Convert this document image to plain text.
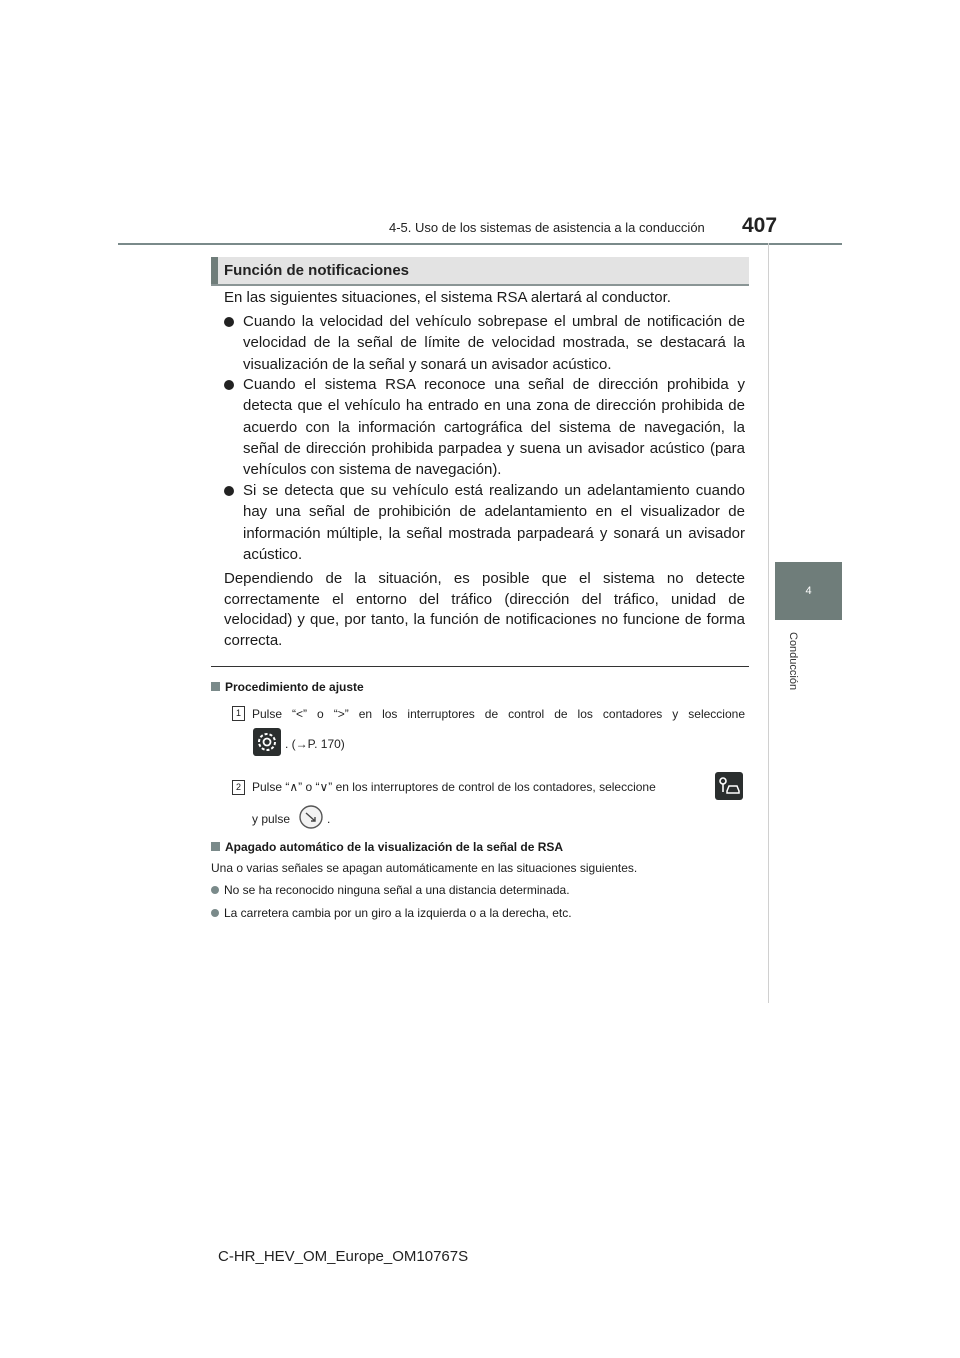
4-5. Uso de los sistemas de asistencia a la conducción 407
4
Conducción
Función de notificaciones
En las siguientes situaciones, el sistema RSA alertará al conductor.
Cuando la velocidad del vehículo sobrepase el umbral de notificación de velocidad de la señal de límite de velocidad mostrada, se destacará la visualización de la señal y sonará un avisador acústico.
Cuando el sistema RSA reconoce una señal de dirección prohibida y detecta que el vehículo ha entrado en una zona de dirección prohibida de acuerdo con la información cartográfica del sistema de navegación, la señal de dirección prohibida parpadea y suena un avisador acústico (para vehículos con sistema de navegación).
Si se detecta que su vehículo está realizando un adelantamiento cuando hay una señal de prohibición de adelantamiento en el visualizador de información múltiple, la señal mostrada parpadeará y sonará un avisador acústico.
Dependiendo de la situación, es posible que el sistema no detecte correctamente el entorno del tráfico (dirección del tráfico, unidad de velocidad) y que, por tanto, la función de notificaciones no funcione de forma correcta.
Procedimiento de ajuste
1 Pulse “<” o “>” en los interruptores de control de los contadores y seleccione
. (→P. 170)
2 Pulse “∧” o “∨” en los interruptores de control de los contadores, seleccione
y pulse	.
Apagado automático de la visualización de la señal de RSA
Una o varias señales se apagan automáticamente en las situaciones siguientes.
No se ha reconocido ninguna señal a una distancia determinada.
La carretera cambia por un giro a la izquierda o a la derecha, etc.
C-HR_HEV_OM_Europe_OM10767S
